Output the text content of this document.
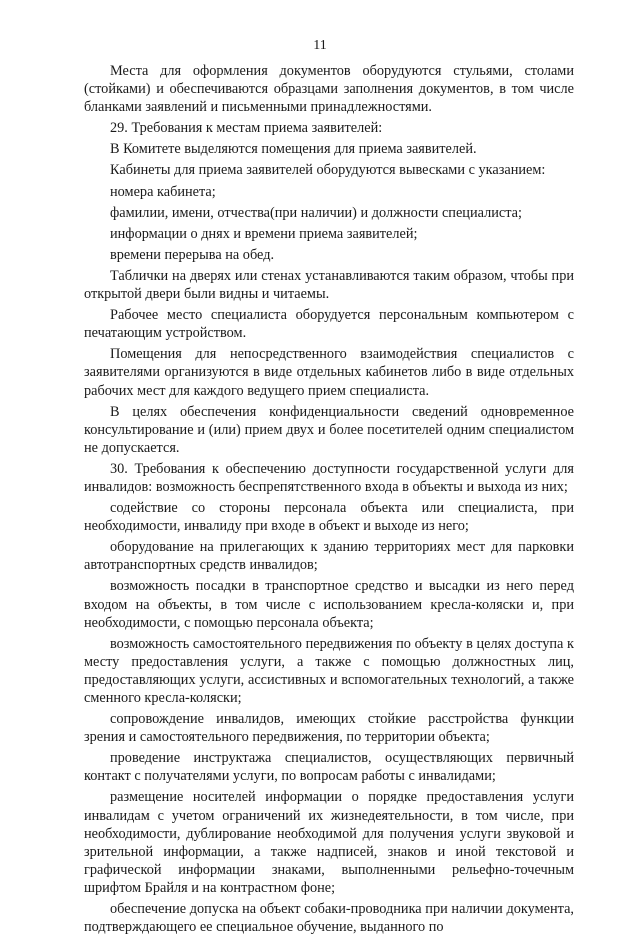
11

Места для оформления документов оборудуются стульями, столами (стойками) и обеспечиваются образцами заполнения документов, в том числе бланками заявлений и письменными принадлежностями.

29. Требования к местам приема заявителей:

В Комитете выделяются помещения для приема заявителей.

Кабинеты для приема заявителей оборудуются вывесками с указанием:

номера кабинета;

фамилии, имени, отчества(при наличии) и должности специалиста;

информации о днях и времени приема заявителей;

времени перерыва на обед.

Таблички на дверях или стенах устанавливаются таким образом, чтобы при открытой двери были видны и читаемы.

Рабочее место специалиста оборудуется персональным компьютером с печатающим устройством.

Помещения для непосредственного взаимодействия специалистов с заявителями организуются в виде отдельных кабинетов либо в виде отдельных рабочих мест для каждого ведущего прием специалиста.

В целях обеспечения конфиденциальности сведений одновременное консультирование и (или) прием двух и более посетителей одним специалистом не допускается.

30. Требования к обеспечению доступности государственной услуги для инвалидов: возможность беспрепятственного входа в объекты и выхода из них;

содействие со стороны персонала объекта или специалиста, при необходимости, инвалиду при входе в объект и выходе из него;

оборудование на прилегающих к зданию территориях мест для парковки автотранспортных средств инвалидов;

возможность посадки в транспортное средство и высадки из него перед входом на объекты, в том числе с использованием кресла-коляски и, при необходимости, с помощью персонала объекта;

возможность самостоятельного передвижения по объекту в целях доступа к месту предоставления услуги, а также с помощью должностных лиц, предоставляющих услуги, ассистивных и вспомогательных технологий, а также сменного кресла-коляски;

сопровождение инвалидов, имеющих стойкие расстройства функции зрения и самостоятельного передвижения, по территории объекта;

проведение инструктажа специалистов, осуществляющих первичный контакт с получателями услуги, по вопросам работы с инвалидами;

размещение носителей информации о порядке предоставления услуги инвалидам с учетом ограничений их жизнедеятельности, в том числе, при необходимости, дублирование необходимой для получения услуги звуковой и зрительной информации, а также надписей, знаков и иной текстовой и графической информации знаками, выполненными рельефно-точечным шрифтом Брайля и на контрастном фоне;

обеспечение допуска на объект собаки-проводника при наличии документа, подтверждающего ее специальное обучение, выданного по
